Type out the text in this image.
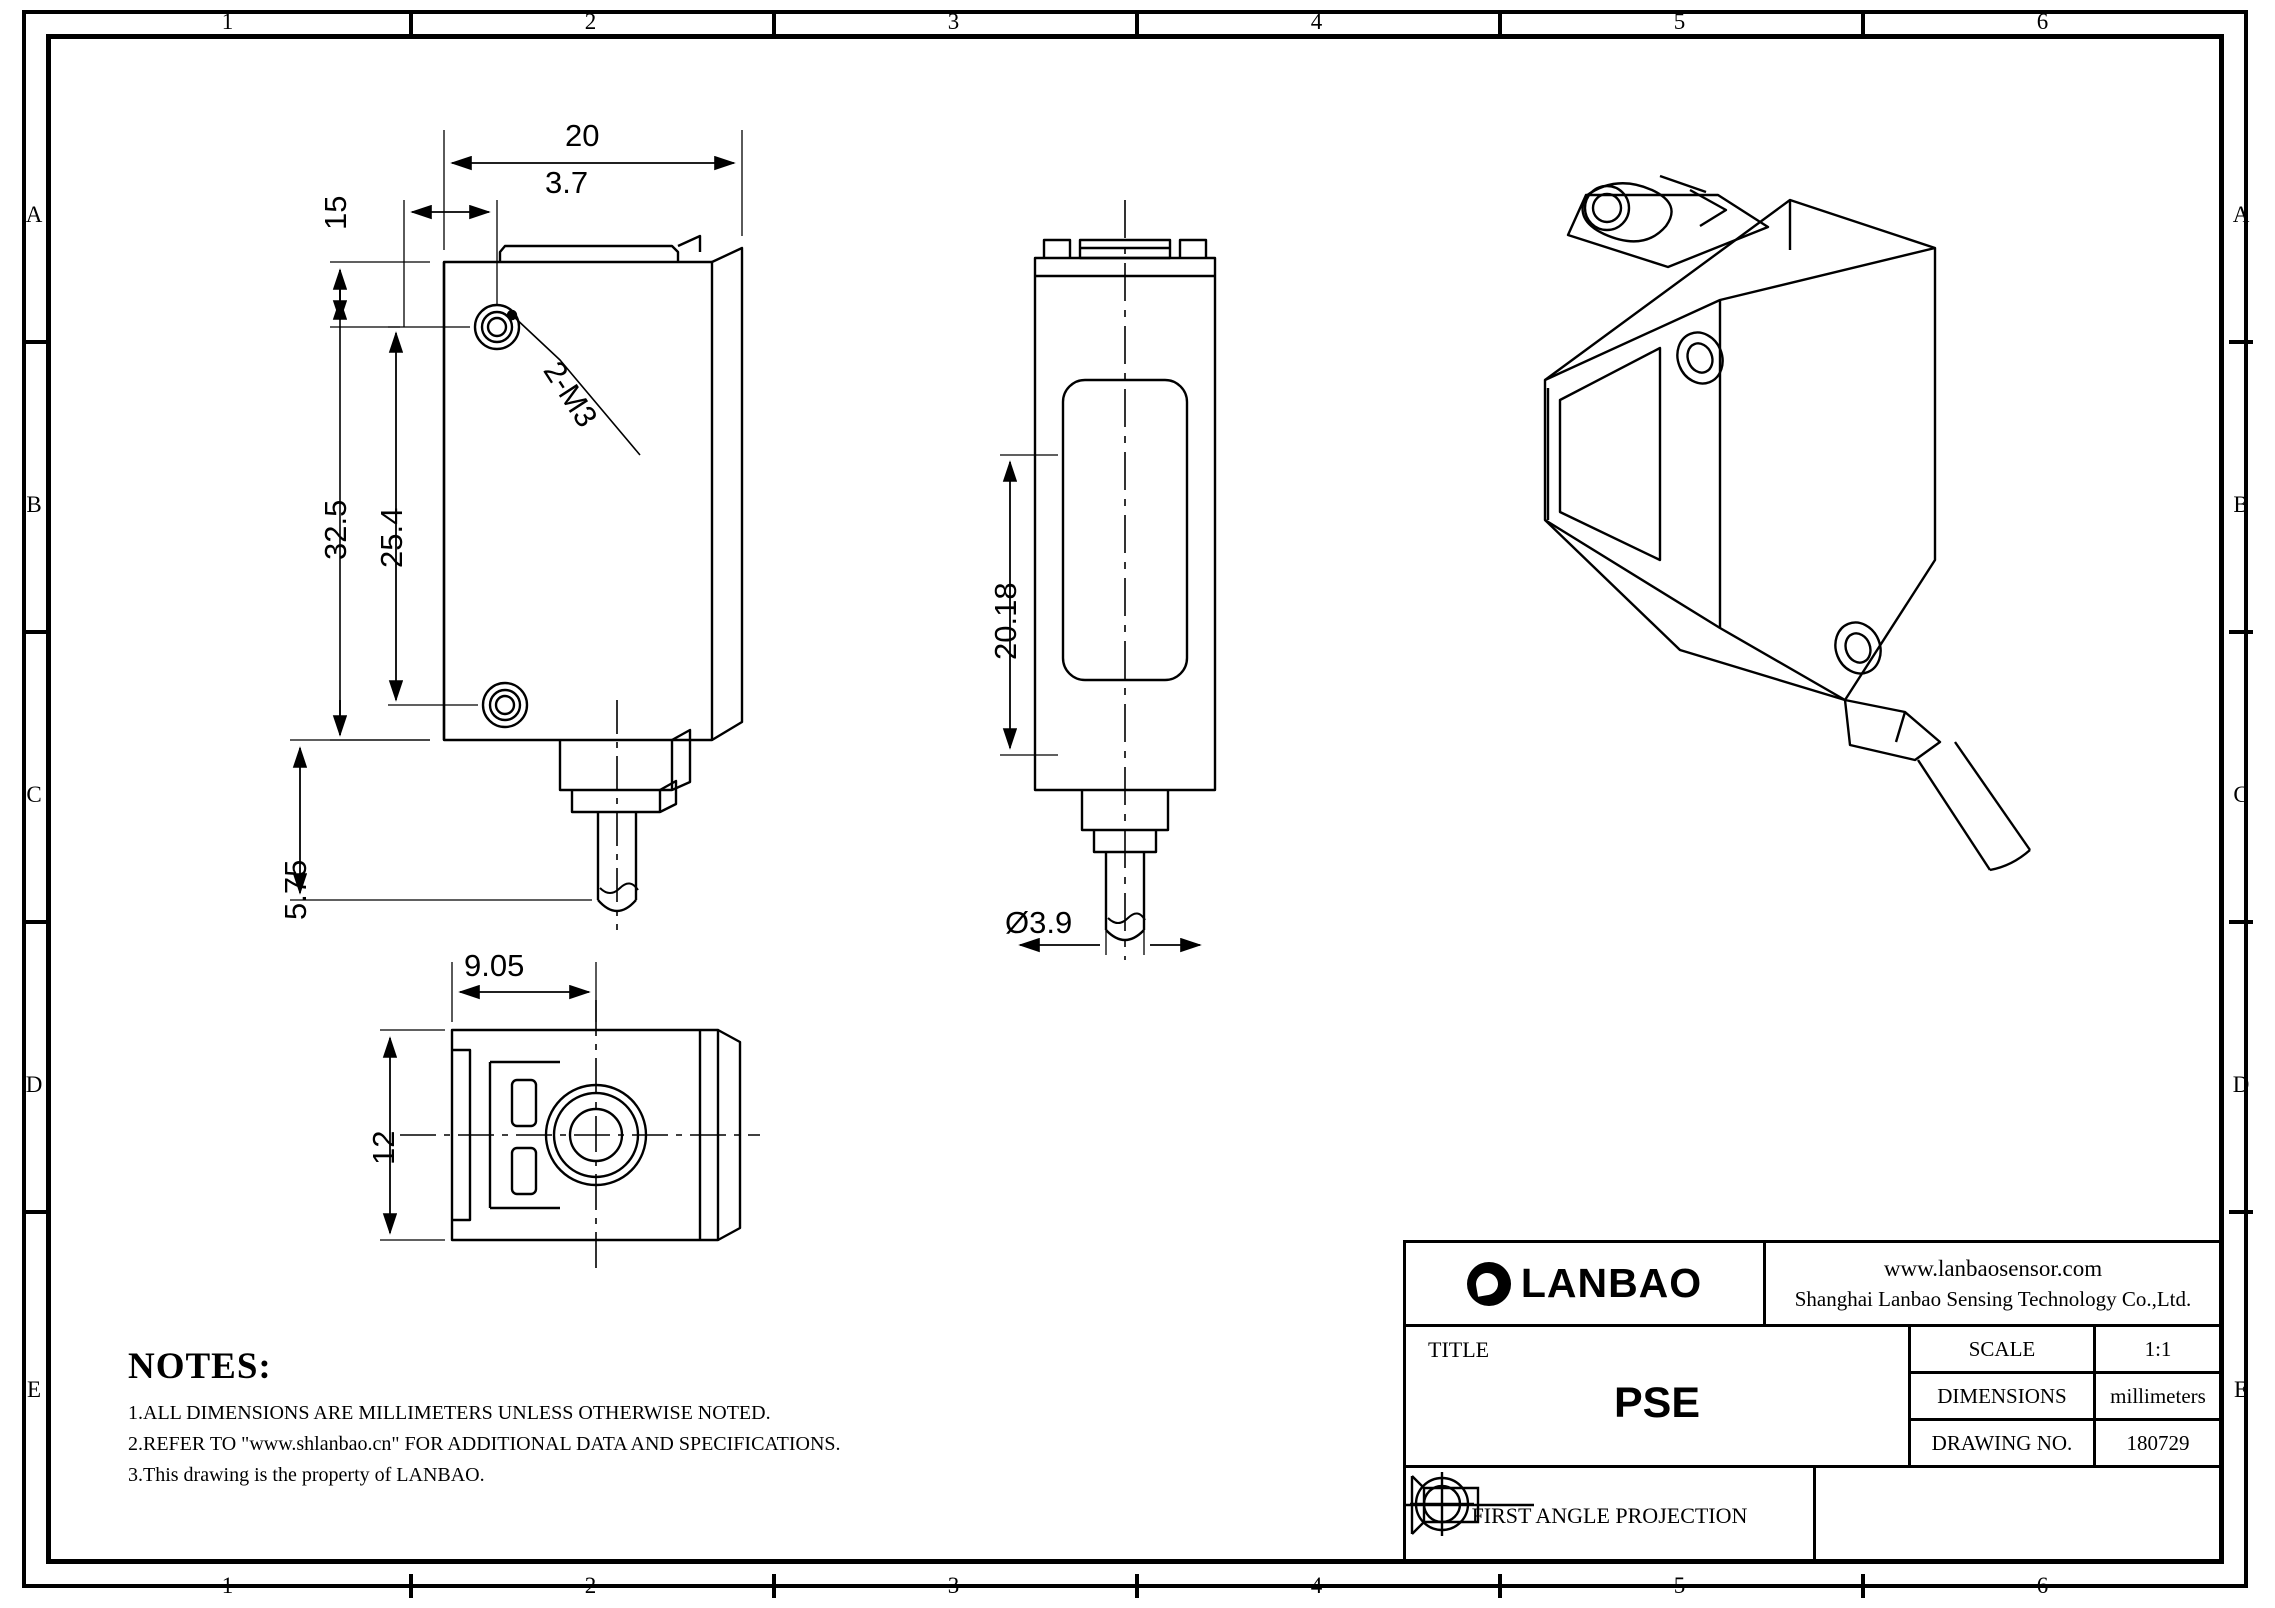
1	2	3	4	5	6
1	2	3	4	5	6
A
B
C
D
E
A
B
C
D
E
20
3.7
15
32.5 25.4
5.75
2-M3
20.18
Ø3.9
9.05
12
NOTES:
1.ALL DIMENSIONS ARE MILLIMETERS UNLESS OTHERWISE NOTED.
2.REFER TO "www.shlanbao.cn" FOR ADDITIONAL DATA AND SPECIFICATIONS.
3.This drawing is the property of LANBAO.
LANBAO	www.lanbaosensor.com
Shanghai Lanbao Sensing Technology Co.,Ltd.
TITLE
PSE
SCALE	1:1
DIMENSIONS	millimeters
DRAWING NO.	180729
FIRST ANGLE PROJECTION
